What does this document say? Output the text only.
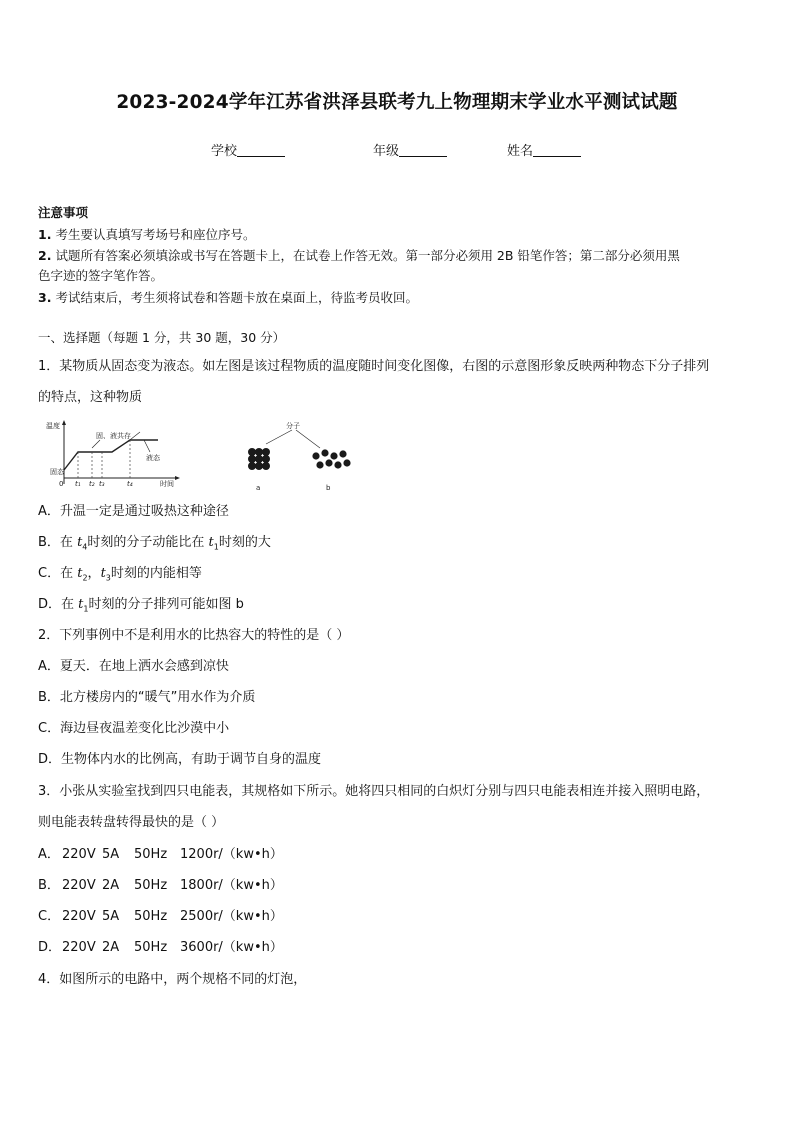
2023-2024学年江苏省洪泽县联考九上物理期末学业水平测试试题
学校	年级	姓名
注意事项
1. 考生要认真填写考场号和座位序号。
2. 试题所有答案必须填涂或书写在答题卡上，在试卷上作答无效。第一部分必须用 2B 铅笔作答；第二部分必须用黑
色字迹的签字笔作答。
3. 考试结束后，考生须将试卷和答题卡放在桌面上，待监考员收回。
一、选择题（每题 1 分，共 30 题，30 分）
1．某物质从固态变为液态。如左图是该过程物质的温度随时间变化图像，右图的示意图形象反映两种物态下分子排列
的特点，这种物质
温度
时间
0
固态
固、液共存
液态
t₁ t₂ t₃	t₄
分子
a	b
A．升温一定是通过吸热这种途径
B．在 $t_4$时刻的分子动能比在 $t_1$时刻的大
C．在 $t_2$，$t_3$时刻的内能相等
D．在 $t_1$时刻的分子排列可能如图 b
2．下列事例中不是利用水的比热容大的特性的是（ ）
A．夏天．在地上洒水会感到凉快
B．北方楼房内的“暖气”用水作为介质
C．海边昼夜温差变化比沙漠中小
D．生物体内水的比例高，有助于调节自身的温度
3．小张从实验室找到四只电能表，其规格如下所示。她将四只相同的白炽灯分别与四只电能表相连并接入照明电路，
则电能表转盘转得最快的是（ ）
A． 220V 5A 50Hz 1200r/（kw•h）
B． 220V 2A 50Hz 1800r/（kw•h）
C． 220V 5A 50Hz 2500r/（kw•h）
D．220V 2A 50Hz 3600r/（kw•h）
4．如图所示的电路中，两个规格不同的灯泡，
